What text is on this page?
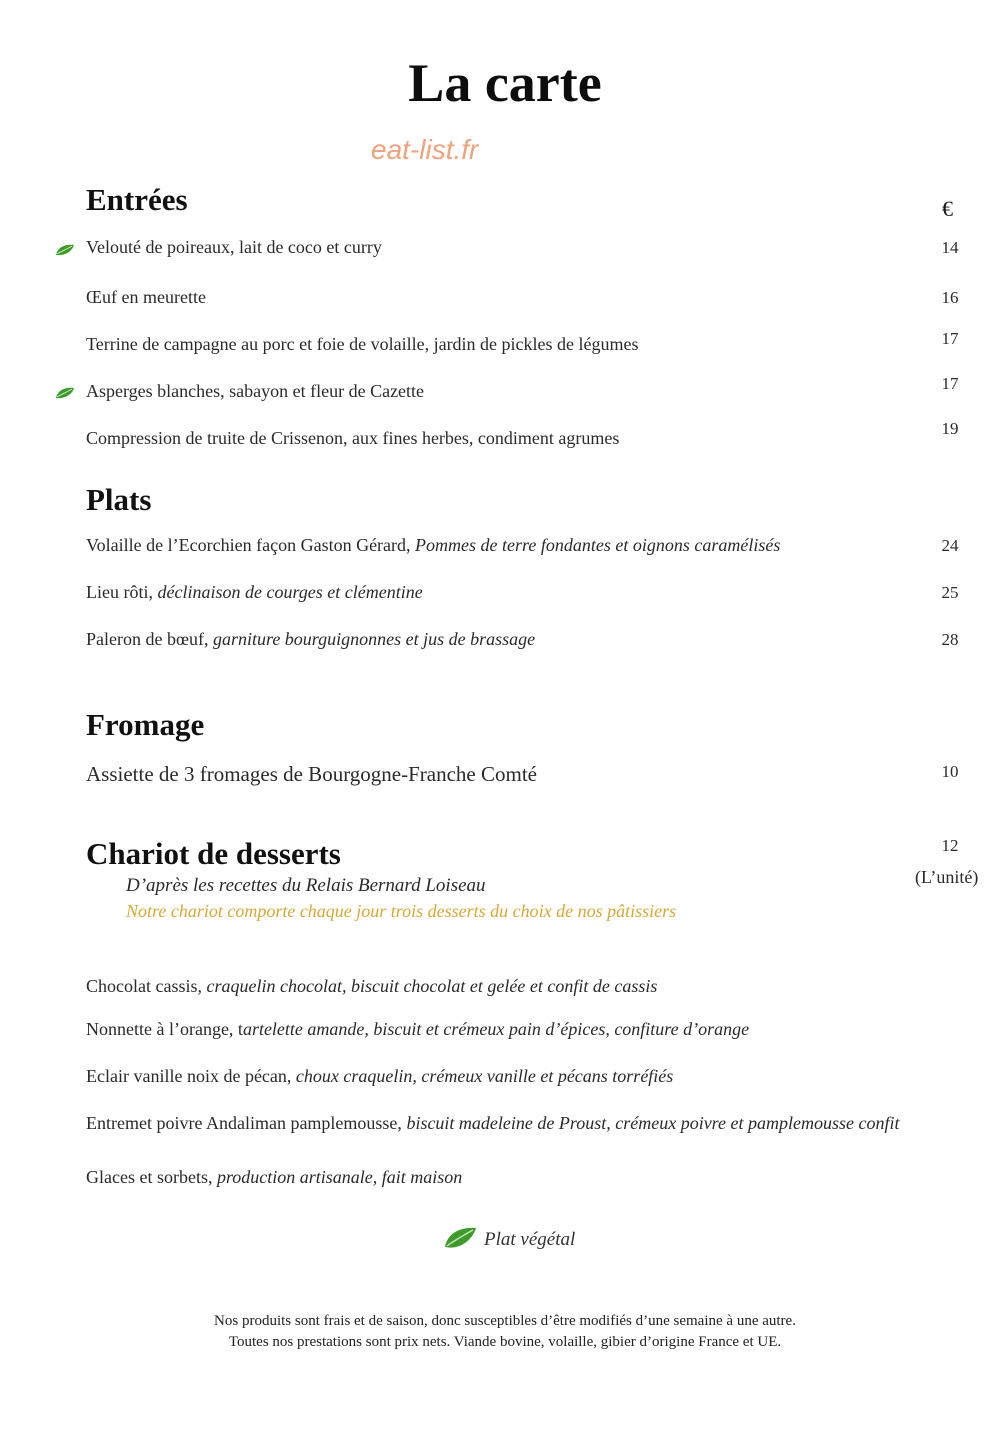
La carte
eat-list.fr
Entrées	€
Velouté de poireaux, lait de coco et curry	14
Œuf en meurette	16
Terrine de campagne au porc et foie de volaille, jardin de pickles de légumes	17
Asperges blanches, sabayon et fleur de Cazette	17
Compression de truite de Crissenon, aux fines herbes, condiment agrumes	19
Plats
Volaille de l’Ecorchien façon Gaston Gérard, Pommes de terre fondantes et oignons caramélisés	24
Lieu rôti, déclinaison de courges et clémentine	25
Paleron de bœuf, garniture bourguignonnes et jus de brassage	28
Fromage
Assiette de 3 fromages de Bourgogne-Franche Comté	10
Chariot de desserts	12
(L’unité)
D’après les recettes du Relais Bernard Loiseau
Notre chariot comporte chaque jour trois desserts du choix de nos pâtissiers
Chocolat cassis, craquelin chocolat, biscuit chocolat et gelée et confit de cassis
Nonnette à l’orange, tartelette amande, biscuit et crémeux pain d’épices, confiture d’orange
Eclair vanille noix de pécan, choux craquelin, crémeux vanille et pécans torréfiés
Entremet poivre Andaliman pamplemousse, biscuit madeleine de Proust, crémeux poivre et pamplemousse confit
Glaces et sorbets, production artisanale, fait maison
Plat végétal
Nos produits sont frais et de saison, donc susceptibles d’être modifiés d’une semaine à une autre.
Toutes nos prestations sont prix nets. Viande bovine, volaille, gibier d’origine France et UE.
